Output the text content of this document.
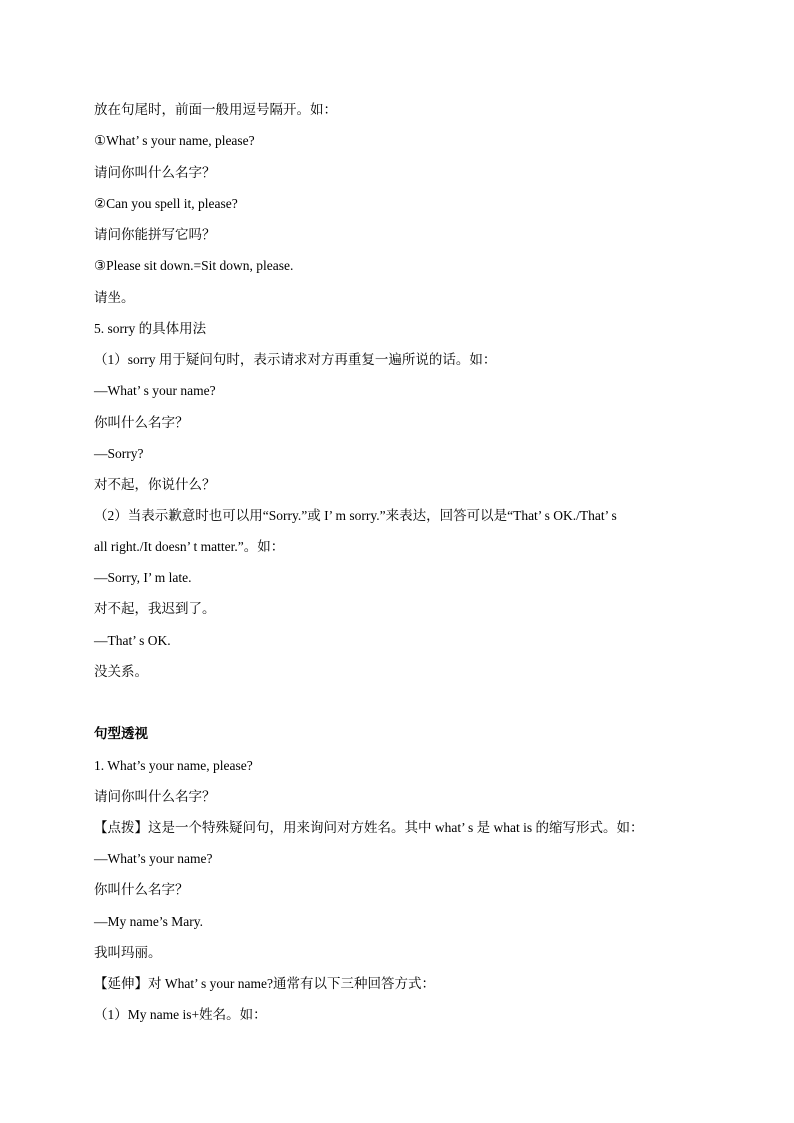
放在句尾时，前面一般用逗号隔开。如：
①What’ s your name, please?
请问你叫什么名字？
②Can you spell it, please?
请问你能拼写它吗？
③Please sit down.=Sit down, please.
请坐。
5. sorry 的具体用法
（1）sorry 用于疑问句时，表示请求对方再重复一遍所说的话。如：
—What’ s your name?
你叫什么名字？
—Sorry?
对不起，你说什么？
（2）当表示歉意时也可以用“Sorry.”或 I’ m sorry.”来表达，回答可以是“That’ s OK./That’ s
all right./It doesn’ t matter.”。如：
—Sorry, I’ m late.
对不起，我迟到了。
—That’ s OK.
没关系。
句型透视
1. What’s your name, please?
请问你叫什么名字？
【点拨】这是一个特殊疑问句，用来询问对方姓名。其中 what’ s 是 what is 的缩写形式。如：
—What’s your name?
你叫什么名字？
—My name’s Mary.
我叫玛丽。
【延伸】对 What’ s your name?通常有以下三种回答方式：
（1）My name is+姓名。如：
